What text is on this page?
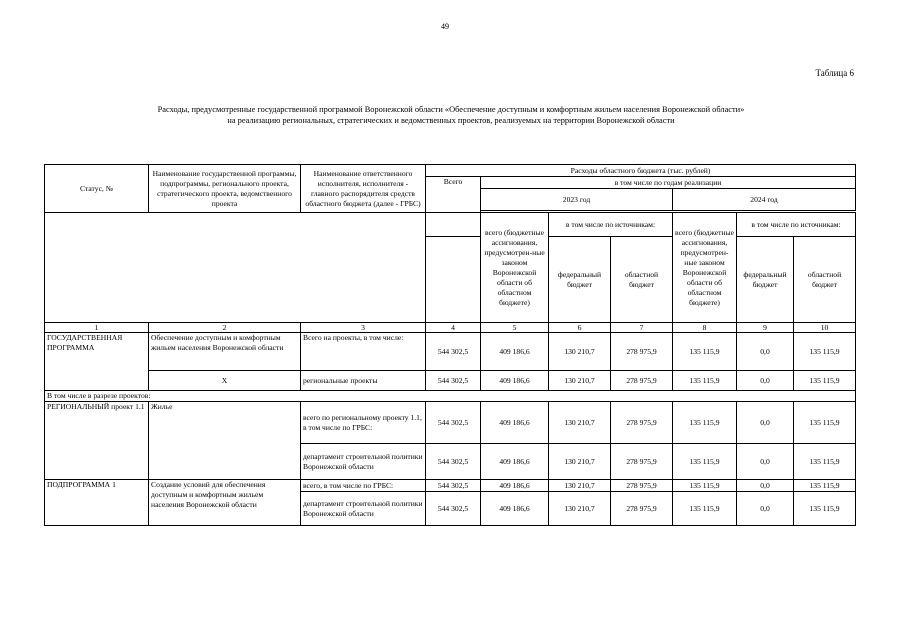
49
Таблица 6
Расходы, предусмотренные государственной программой Воронежской области «Обеспечение доступным и комфортным жильем населения Воронежской области»
на реализацию региональных, стратегических и ведомственных проектов, реализуемых на территории Воронежской области
Статус, №	Наименование государственной программы, подпрограммы, регионального проекта, стратегического проекта, ведомственного проекта	Наименование ответственного исполнителя, исполнителя - главного распорядителя средств областного бюджета (далее - ГРБС)	Расходы областного бюджета (тыс. рублей)						
			Всего	в том числе по годам реализации					
				2023 год			2024 год		

				всего (бюджетные ассигнования, предусмотрен-ные законом Воронежской области об областном бюджете)	в том числе по источникам:		всего (бюджетные ассигнования, предусмотрен-ные законом Воронежской области об областном бюджете)	в том числе по источникам:	
					федеральный бюджет	областной бюджет		федеральный бюджет	областной бюджет
1	2	3	4	5	6	7	8	9	10
ГОСУДАРСТВЕННАЯ ПРОГРАММА	Обеспечение доступным и комфортным жильем населения Воронежской области	Всего на проекты, в том числе:	544 302,5	409 186,6	130 210,7	278 975,9	135 115,9	0,0	135 115,9
	Х	региональные проекты	544 302,5	409 186,6	130 210,7	278 975,9	135 115,9	0,0	135 115,9
В том числе в разрезе проектов:									
РЕГИОНАЛЬНЫЙ проект 1.1	Жилье	всего по региональному проекту 1.1, в том числе по ГРБС:	544 302,5	409 186,6	130 210,7	278 975,9	135 115,9	0,0	135 115,9
		департамент строительной политики Воронежской области	544 302,5	409 186,6	130 210,7	278 975,9	135 115,9	0,0	135 115,9
ПОДПРОГРАММА 1	Создание условий для обеспечения доступным и комфортным жильем населения Воронежской области	всего, в том числе по ГРБС:	544 302,5	409 186,6	130 210,7	278 975,9	135 115,9	0,0	135 115,9
		департамент строительной политики Воронежской области	544 302,5	409 186,6	130 210,7	278 975,9	135 115,9	0,0	135 115,9
